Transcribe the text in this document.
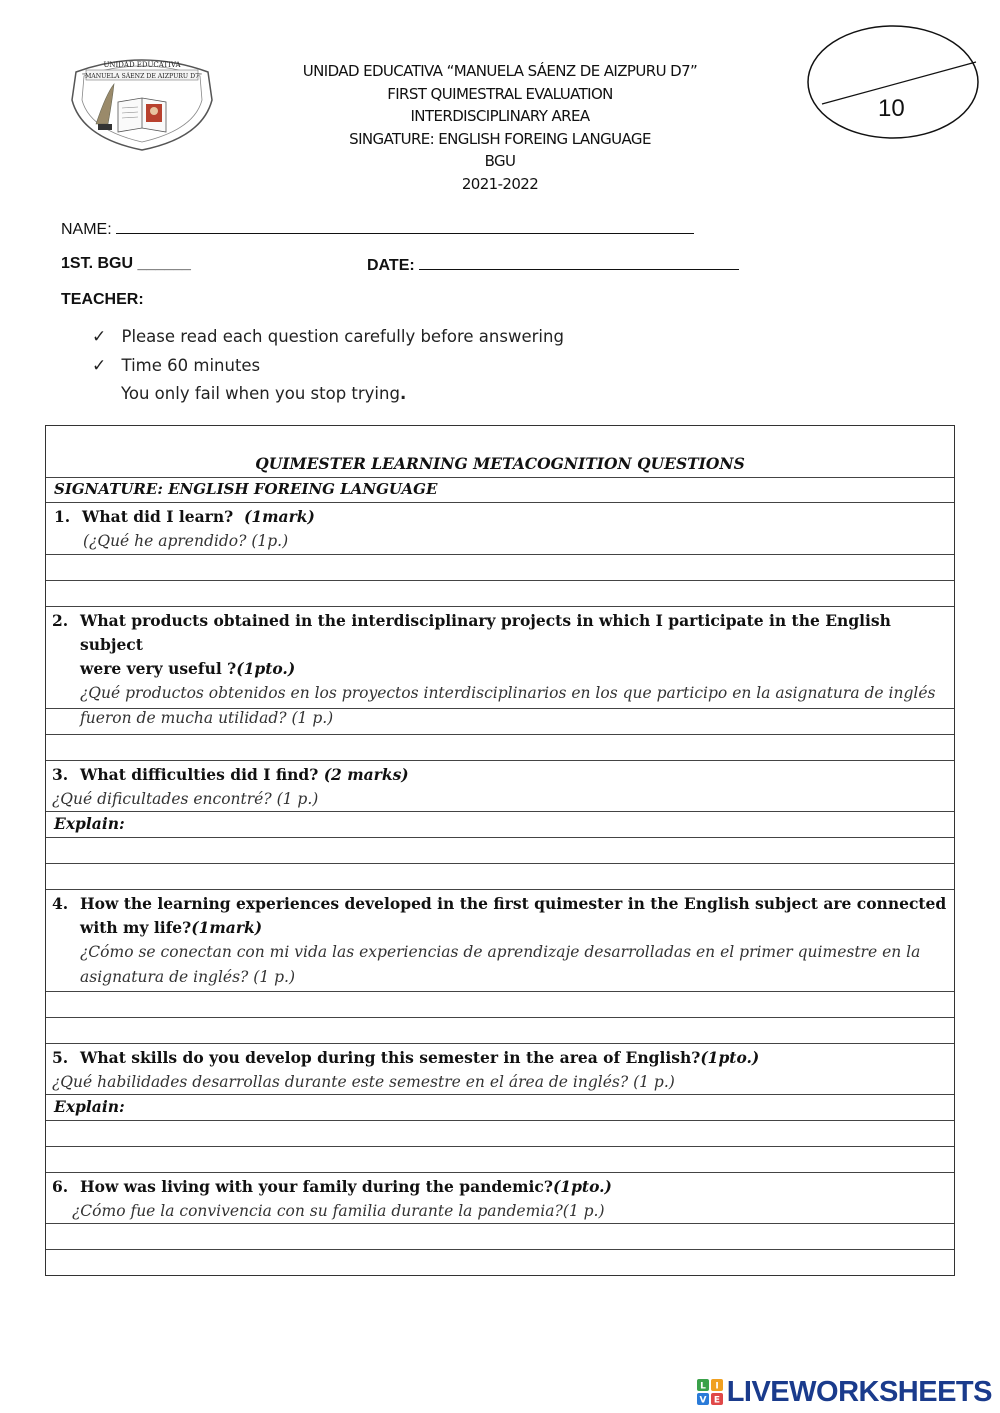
UNIDAD EDUCATIVA
"MANUELA SÁENZ DE AIZPURU D7"	UNIDAD EDUCATIVA “MANUELA SÁENZ DE AIZPURU D7”
FIRST QUIMESTRAL EVALUATION
INTERDISCIPLINARY AREA
SINGATURE: ENGLISH FOREING LANGUAGE
BGU
2021-2022
10
NAME:
1ST. BGU ______	DATE:
TEACHER:
✓ Please read each question carefully before answering
✓ Time 60 minutes
You only fail when you stop trying.
QUIMESTER LEARNING METACOGNITION QUESTIONS
SIGNATURE: ENGLISH FOREING LANGUAGE
1. What did I learn? (1mark)
(¿Qué he aprendido? (1p.)
2. What products obtained in the interdisciplinary projects in which I participate in the English subject
were very useful ?(1pto.)
¿Qué productos obtenidos en los proyectos interdisciplinarios en los que participo en la asignatura de inglés
fueron de mucha utilidad? (1 p.)
3. What difficulties did I find? (2 marks)
¿Qué dificultades encontré? (1 p.)
Explain:
4. How the learning experiences developed in the first quimester in the English subject are connected
with my life?(1mark)
¿Cómo se conectan con mi vida las experiencias de aprendizaje desarrolladas en el primer quimestre en la
asignatura de inglés? (1 p.)
5. What skills do you develop during this semester in the area of English?(1pto.)
¿Qué habilidades desarrollas durante este semestre en el área de inglés? (1 p.)
Explain:
6. How was living with your family during the pandemic?(1pto.)
¿Cómo fue la convivencia con su familia durante la pandemia?(1 p.)
L I
V E LIVEWORKSHEETS
